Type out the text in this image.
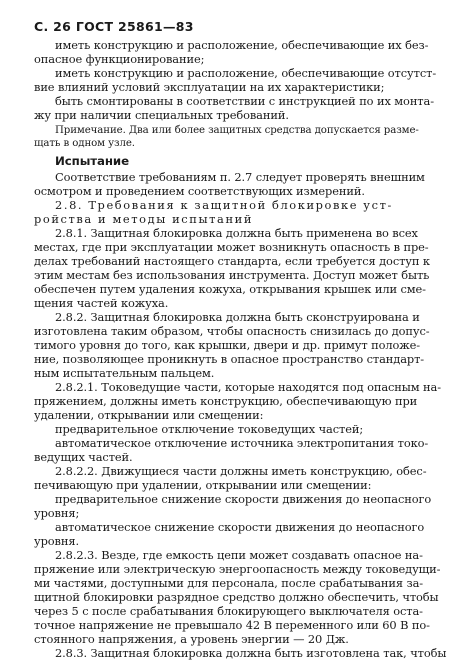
С. 26 ГОСТ 25861—83
иметь конструкцию и расположение, обеспечивающие их без-
опасное функционирование;
иметь конструкцию и расположение, обеспечивающие отсутст-
вие влияний условий эксплуатации на их характеристики;
быть смонтированы в соответствии с инструкцией по их монта-
жу при наличии специальных требований.
Примечание. Два или более защитных средства допускается разме-
щать в одном узле.
Испытание
Соответствие требованиям п. 2.7 следует проверять внешним
осмотром и проведением соответствующих измерений.
2.8. Требования к защитной блокировке уст-
ройства и методы испытаний
2.8.1. Защитная блокировка должна быть применена во всех
местах, где при эксплуатации может возникнуть опасность в пре-
делах требований настоящего стандарта, если требуется доступ к
этим местам без использования инструмента. Доступ может быть
обеспечен путем удаления кожуха, открывания крышек или сме-
щения частей кожуха.
2.8.2. Защитная блокировка должна быть сконструирована и
изготовлена таким образом, чтобы опасность снизилась до допус-
тимого уровня до того, как крышки, двери и др. примут положе-
ние, позволяющее проникнуть в опасное пространство стандарт-
ным испытательным пальцем.
2.8.2.1. Токоведущие части, которые находятся под опасным на-
пряжением, должны иметь конструкцию, обеспечивающую при
удалении, открывании или смещении:
предварительное отключение токоведущих частей;
автоматическое отключение источника электропитания токо-
ведущих частей.
2.8.2.2. Движущиеся части должны иметь конструкцию, обес-
печивающую при удалении, открывании или смещении:
предварительное снижение скорости движения до неопасного
уровня;
автоматическое снижение скорости движения до неопасного
уровня.
2.8.2.3. Везде, где емкость цепи может создавать опасное на-
пряжение или электрическую энергоопасность между токоведущи-
ми частями, доступными для персонала, после срабатывания за-
щитной блокировки разрядное средство должно обеспечить, чтобы
через 5 с после срабатывания блокирующего выключателя оста-
точное напряжение не превышало 42 В переменного или 60 В по-
стоянного напряжения, а уровень энергии — 20 Дж.
2.8.3. Защитная блокировка должна быть изготовлена так, чтобы
